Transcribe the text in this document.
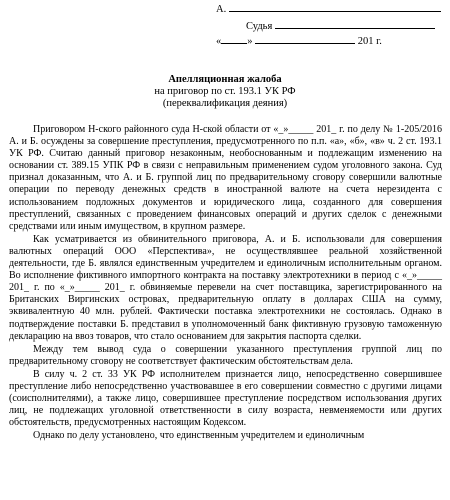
А.
Судья
« »	201 г.
Апелляционная жалоба
на приговор по ст. 193.1 УК РФ
(переквалификация деяния)

Приговором Н-ского районного суда Н-ской области от «_»_____ 201_ г. по делу № 1-205/2016 А. и Б. осуждены за совершение преступления, предусмотренного по п.п. «а», «б», «в» ч. 2 ст. 193.1 УК РФ. Считаю данный приговор незаконным, необоснованным и подлежащим изменению на основании ст. 389.15 УПК РФ в связи с неправильным применением судом уголовного закона. Суд признал доказанным, что А. и Б. группой лиц по предварительному сговору совершили валютные операции по переводу денежных средств в иностранной валюте на счета нерезидента с использованием подложных документов и юридического лица, созданного для совершения преступлений, связанных с проведением финансовых операций и других сделок с денежными средствами или иным имуществом, в крупном размере.

Как усматривается из обвинительного приговора, А. и Б. использовали для совершения валютных операций ООО «Перспектива», не осуществлявшее реальной хозяйственной деятельности, где Б. являлся единственным учредителем и единоличным исполнительным органом. Во исполнение фиктивного импортного контракта на поставку электротехники в период с «_»_____ 201_ г. по «_»_____ 201_ г. обвиняемые перевели на счет поставщика, зарегистрированного на Британских Виргинских островах, предварительную оплату в долларах США на сумму, эквивалентную 40 млн. рублей. Фактически поставка электротехники не состоялась. Однако в подтверждение поставки Б. представил в уполномоченный банк фиктивную грузовую таможенную декларацию на ввоз товаров, что стало основанием для закрытия паспорта сделки.

Между тем вывод суда о совершении указанного преступления группой лиц по предварительному сговору не соответствует фактическим обстоятельствам дела.

В силу ч. 2 ст. 33 УК РФ исполнителем признается лицо, непосредственно совершившее преступление либо непосредственно участвовавшее в его совершении совместно с другими лицами (соисполнителями), а также лицо, совершившее преступление посредством использования других лиц, не подлежащих уголовной ответственности в силу возраста, невменяемости или других обстоятельств, предусмотренных настоящим Кодексом.

Однако по делу установлено, что единственным учредителем и единоличным
